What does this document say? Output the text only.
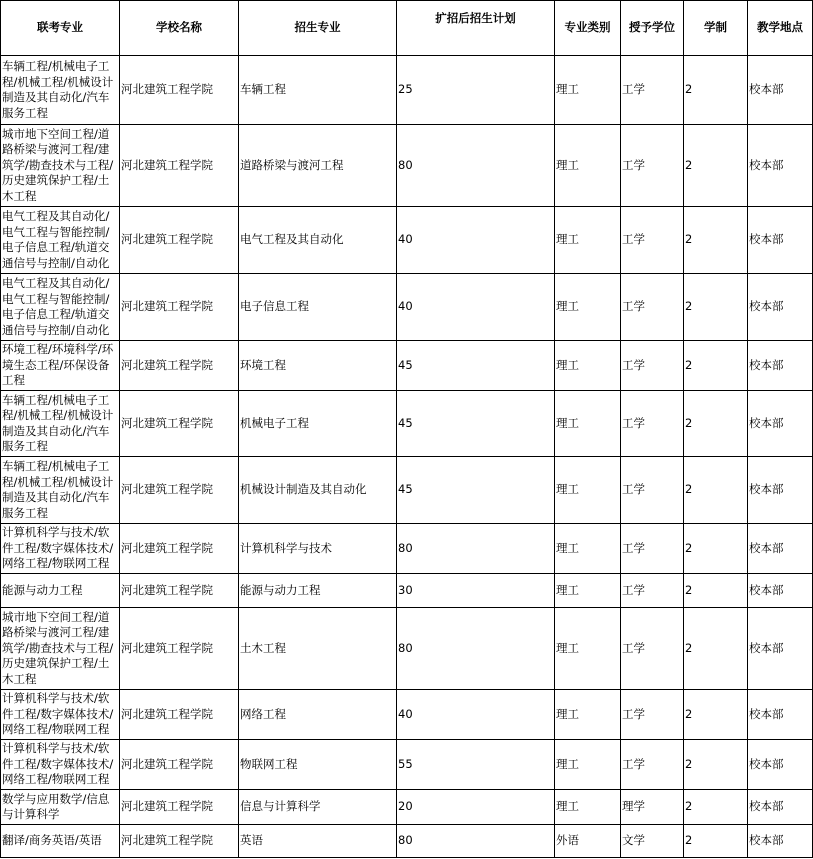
联考专业	学校名称	招生专业	扩招后招生计划	专业类别	授予学位	学制	教学地点
车辆工程/机械电子工程/机械工程/机械设计制造及其自动化/汽车服务工程	河北建筑工程学院	车辆工程	25	理工	工学	2	校本部
城市地下空间工程/道路桥梁与渡河工程/建筑学/勘查技术与工程/历史建筑保护工程/土木工程	河北建筑工程学院	道路桥梁与渡河工程	80	理工	工学	2	校本部
电气工程及其自动化/电气工程与智能控制/电子信息工程/轨道交通信号与控制/自动化	河北建筑工程学院	电气工程及其自动化	40	理工	工学	2	校本部
电气工程及其自动化/电气工程与智能控制/电子信息工程/轨道交通信号与控制/自动化	河北建筑工程学院	电子信息工程	40	理工	工学	2	校本部
环境工程/环境科学/环境生态工程/环保设备工程	河北建筑工程学院	环境工程	45	理工	工学	2	校本部
车辆工程/机械电子工程/机械工程/机械设计制造及其自动化/汽车服务工程	河北建筑工程学院	机械电子工程	45	理工	工学	2	校本部
车辆工程/机械电子工程/机械工程/机械设计制造及其自动化/汽车服务工程	河北建筑工程学院	机械设计制造及其自动化	45	理工	工学	2	校本部
计算机科学与技术/软件工程/数字媒体技术/网络工程/物联网工程	河北建筑工程学院	计算机科学与技术	80	理工	工学	2	校本部
能源与动力工程	河北建筑工程学院	能源与动力工程	30	理工	工学	2	校本部
城市地下空间工程/道路桥梁与渡河工程/建筑学/勘查技术与工程/历史建筑保护工程/土木工程	河北建筑工程学院	土木工程	80	理工	工学	2	校本部
计算机科学与技术/软件工程/数字媒体技术/网络工程/物联网工程	河北建筑工程学院	网络工程	40	理工	工学	2	校本部
计算机科学与技术/软件工程/数字媒体技术/网络工程/物联网工程	河北建筑工程学院	物联网工程	55	理工	工学	2	校本部
数学与应用数学/信息与计算科学	河北建筑工程学院	信息与计算科学	20	理工	理学	2	校本部
翻译/商务英语/英语	河北建筑工程学院	英语	80	外语	文学	2	校本部
